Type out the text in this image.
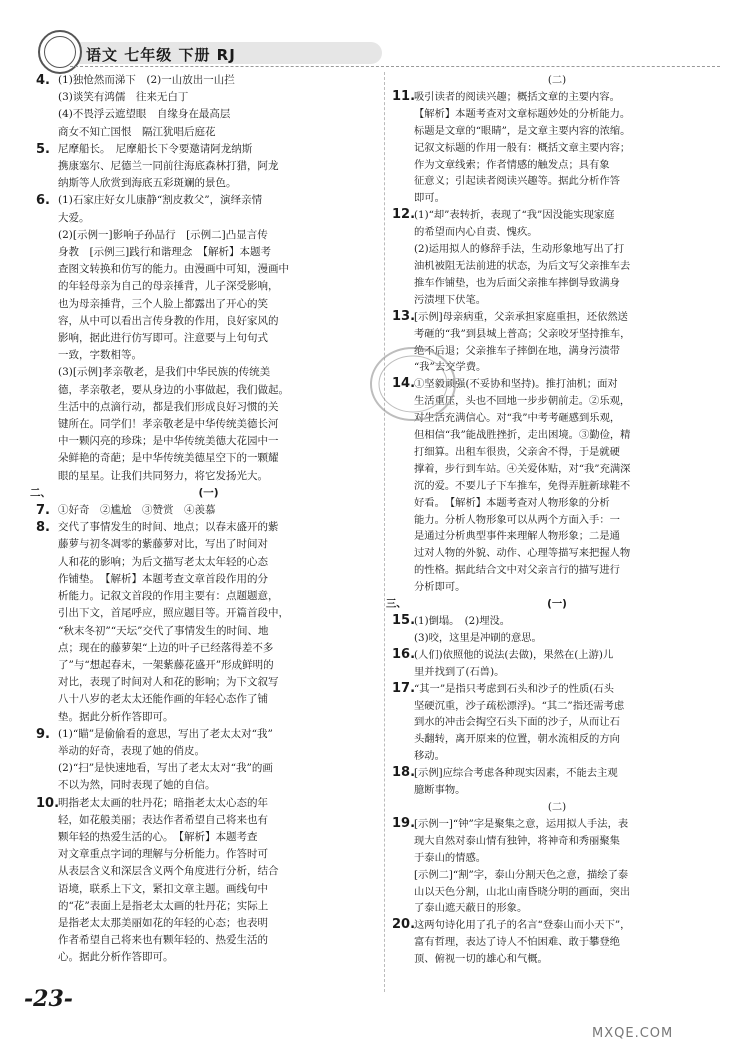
语文 七年级 下册 RJ
4. (1)独怆然而涕下　(2)一山放出一山拦
(3)谈笑有鸿儒　往来无白丁
(4)不畏浮云遮望眼　自缘身在最高层
商女不知亡国恨　隔江犹唱后庭花
5. 尼摩船长。　尼摩船长下令要邀请阿龙纳斯
携康塞尔、尼德兰一同前往海底森林打猎，阿龙
纳斯等人欣赏到海底五彩斑斓的景色。
6. (1)石家庄好女儿康静“割皮救父”，演绎亲情
大爱。
(2)[示例一]影响子孙品行　[示例二]凸显言传
身教　[示例三]践行和谐理念　【解析】本题考
查图文转换和仿写的能力。由漫画中可知，漫画中
的年轻母亲为自己的母亲捶背，儿子深受影响，
也为母亲捶背，三个人脸上都露出了开心的笑
容，从中可以看出言传身教的作用，良好家风的
影响，据此进行仿写即可。注意要与上句句式
一致，字数相等。
(3)[示例]孝亲敬老，是我们中华民族的传统美
德，孝亲敬老，要从身边的小事做起，我们做起。
生活中的点滴行动，都是我们形成良好习惯的关
键所在。同学们！孝亲敬老是中华传统美德长河
中一颗闪亮的珍珠；是中华传统美德大花园中一
朵鲜艳的奇葩；是中华传统美德星空下的一颗耀
眼的星星。让我们共同努力，将它发扬光大。
二、	(一)
7. ①好奇　②尴尬　③赞赏　④羡慕
8. 交代了事情发生的时间、地点；以春末盛开的紫
藤萝与初冬凋零的紫藤萝对比，写出了时间对
人和花的影响；为后文描写老太太年轻的心态
作铺垫。　【解析】本题考查文章首段作用的分
析能力。记叙文首段的作用主要有：点题题意，
引出下文，首尾呼应，照应题目等。开篇首段中，
“秋末冬初”“天坛”交代了事情发生的时间、地
点；现在的藤萝架“上边的叶子已经落得差不多
了”与“想起春末，一架紫藤花盛开”形成鲜明的
对比，表现了时间对人和花的影响；为下文叙写
八十八岁的老太太还能作画的年轻心态作了铺
垫。据此分析作答即可。
9. (1)“瞄”是偷偷看的意思，写出了老太太对“我”
举动的好奇，表现了她的俏皮。
(2)“扫”是快速地看，写出了老太太对“我”的画
不以为然，同时表现了她的自信。
10.
明指老太太画的牡丹花；暗指老太太心态的年
轻，如花般美丽；表达作者希望自己将来也有
颗年轻的热爱生活的心。　【解析】本题考查
对文章重点字词的理解与分析能力。作答时可
从表层含义和深层含义两个角度进行分析，结合
语境，联系上下文，紧扣文章主题。画线句中
的“花”表面上是指老太太画的牡丹花；实际上
是指老太太那美丽如花的年轻的心态；也表明
作者希望自己将来也有颗年轻的、热爱生活的
心。据此分析作答即可。
(二)
11.
吸引读者的阅读兴趣；概括文章的主要内容。
【解析】本题考查对文章标题妙处的分析能力。
标题是文章的“眼睛”，是文章主要内容的浓缩。
记叙文标题的作用一般有：概括文章主要内容；
作为文章线索；作者情感的触发点；具有象
征意义；引起读者阅读兴趣等。据此分析作答
即可。
12.
(1)“却”表转折，表现了“我”因没能实现家庭
的希望而内心自责、愧疚。
(2)运用拟人的修辞手法，生动形象地写出了打
油机被阻无法前进的状态，为后文写父亲推车去
推车作铺垫，也为后面父亲推车摔倒导致满身
污渍埋下伏笔。
13.
[示例]母亲病重，父亲承担家庭重担，还依然送
考砸的“我”到县城上普高；父亲咬牙坚持推车，
绝不后退；父亲推车子摔倒在地，满身污渍带
“我”去交学费。
14.
①坚毅顽强(不妥协和坚持)。推打油机；面对
生活重压，头也不回地一步步朝前走。②乐观，
对生活充满信心。对“我”中考考砸感到乐观，
但相信“我”能战胜挫折，走出困境。③勤俭，精
打细算。出租车很贵，父亲舍不得，于是就硬
撑着，步行到车站。④关爱体贴，对“我”充满深
沉的爱。不要儿子下车推车，免得弄脏新球鞋不
好看。　【解析】本题考查对人物形象的分析
能力。分析人物形象可以从两个方面入手：一
是通过分析典型事件来理解人物形象；二是通
过对人物的外貌、动作、心理等描写来把握人物
的性格。据此结合文中对父亲言行的描写进行
分析即可。
三、	(一)
15.
(1)倒塌。　(2)埋没。
(3)咬，这里是冲刷的意思。
16.
(人们)依照他的说法(去做)，果然在(上游)儿
里并找到了(石兽)。
17.
“其一”是指只考虑到石头和沙子的性质(石头
坚硬沉重，沙子疏松漂浮)。“其二”指还需考虑
到水的冲击会掏空石头下面的沙子，从而让石
头翻转，离开原来的位置，朝水流相反的方向
移动。
18.
[示例]应综合考虑各种现实因素，不能去主观
臆断事物。
(二)
19.
[示例一]“钟”字是聚集之意，运用拟人手法，表
现大自然对泰山情有独钟，将神奇和秀丽聚集
于泰山的情感。
[示例二]“割”字，泰山分割天色之意，描绘了泰
山以天色分割，山北山南昏晓分明的画面，突出
了泰山遮天蔽日的形象。
20.
这两句诗化用了孔子的名言“登泰山而小天下”，
富有哲理，表达了诗人不怕困难、敢于攀登绝
顶、俯视一切的雄心和气概。
-23-
MXQE.COM
